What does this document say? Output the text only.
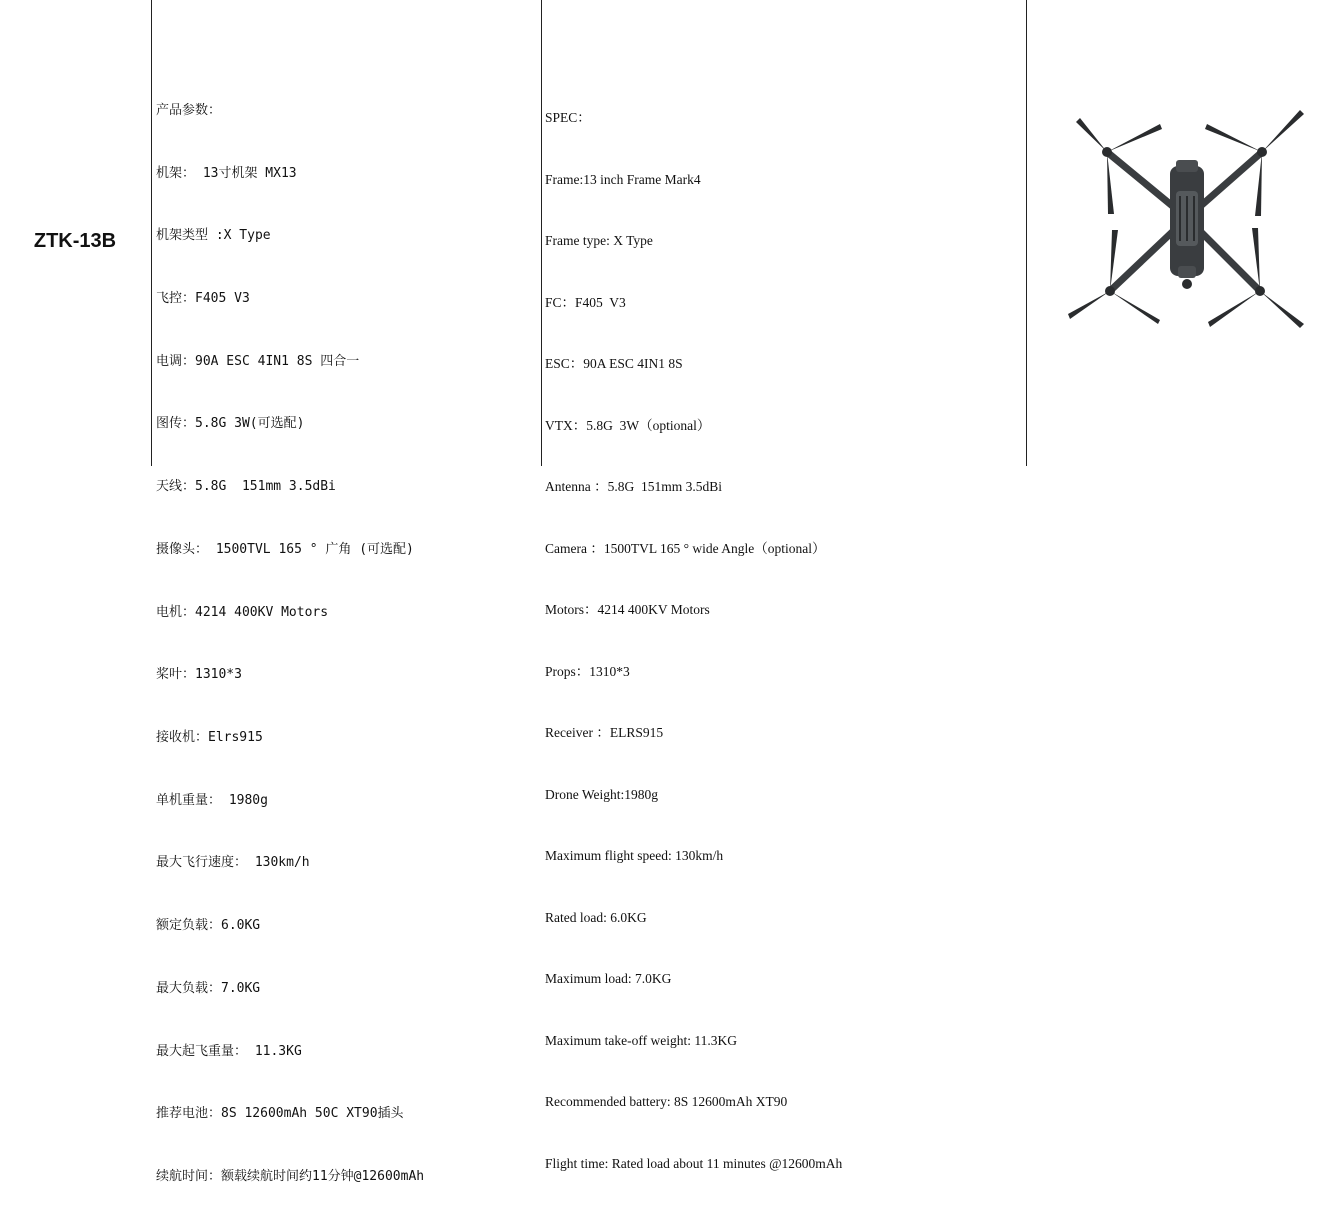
ZTK-13B

产品参数：

机架： 13寸机架 MX13

机架类型 :X Type

飞控：F405 V3

电调：90A ESC 4IN1 8S 四合一

图传：5.8G 3W(可选配)

天线：5.8G  151mm 3.5dBi

摄像头： 1500TVL 165 ° 广角 (可选配)

电机：4214 400KV Motors

桨叶：1310*3

接收机：Elrs915

单机重量： 1980g

最大飞行速度： 130km/h

额定负载：6.0KG

最大负载：7.0KG

最大起飞重量： 11.3KG

推荐电池：8S 12600mAh 50C XT90插头

续航时间：额载续航时间约11分钟@12600mAh

SPEC：

Frame:13 inch Frame Mark4

Frame type: X Type

FC：F405  V3

ESC：90A ESC 4IN1 8S

VTX：5.8G  3W（optional）

Antenna ：5.8G  151mm 3.5dBi

Camera ：1500TVL 165 ° wide Angle（optional）

Motors：4214 400KV Motors

Props：1310*3

Receiver ：ELRS915

Drone Weight:1980g

Maximum flight speed: 130km/h

Rated load: 6.0KG

Maximum load: 7.0KG

Maximum take-off weight: 11.3KG

Recommended battery: 8S 12600mAh XT90

Flight time: Rated load about 11 minutes @12600mAh
